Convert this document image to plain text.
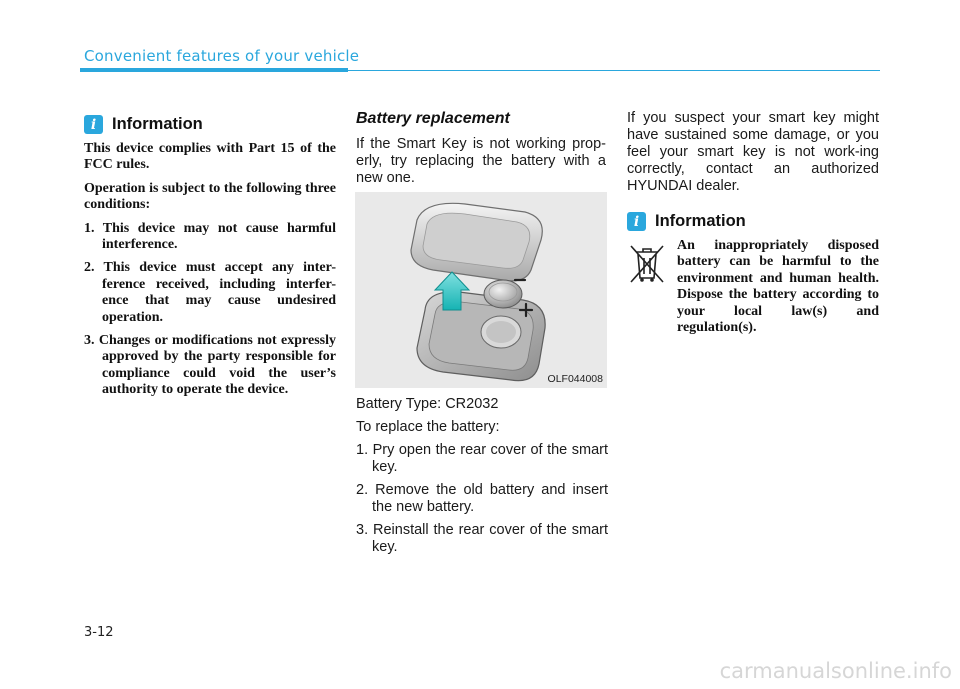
Convenient features of your vehicle
i Information

This device complies with Part 15 of the FCC rules.

Operation is subject to the following three conditions:

1. This device may not cause harmful interference.
2. This device must accept any inter-ference received, including interfer-ence that may cause undesired operation.
3. Changes or modifications not expressly approved by the party responsible for compliance could void the user’s authority to operate the device.
Battery replacement

If the Smart Key is not working prop-erly, try replacing the battery with a new one.

OLF044008

Battery Type: CR2032

To replace the battery:

1. Pry open the rear cover of the smart key.
2. Remove the old battery and insert the new battery.
3. Reinstall the rear cover of the smart key.

If you suspect your smart key might have sustained some damage, or you feel your smart key is not work-ing correctly, contact an authorized HYUNDAI dealer.

i Information

An inappropriately disposed battery can be harmful to the environment and human health. Dispose the battery according to your local law(s) and regulation(s).

3-12
carmanualsonline.info
